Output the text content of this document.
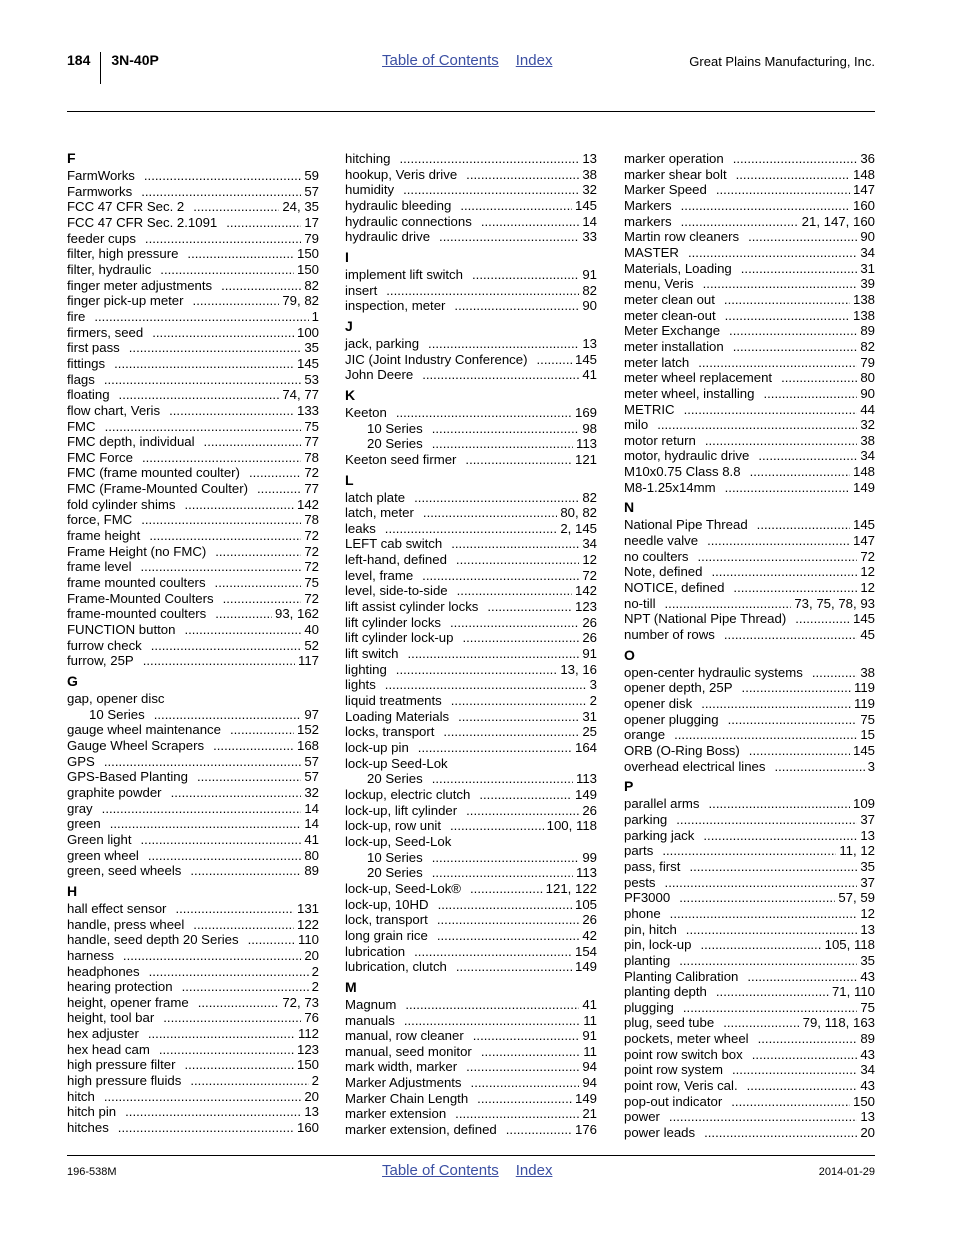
184 3N-40P	Table of Contents Index	Great Plains Manufacturing, Inc.
F
FarmWorks .....	59
Farmworks .....	57
FCC 47 CFR Sec. 2 .....	24, 35
FCC 47 CFR Sec. 2.1091 .....	17
feeder cups .....	79
filter, high pressure .....	150
filter, hydraulic .....	150
finger meter adjustments .....	82
finger pick-up meter .....	79, 82
fire .....	1
firmers, seed .....	100
first pass .....	35
fittings .....	145
flags .....	53
floating .....	74, 77
flow chart, Veris .....	133
FMC .....	75
FMC depth, individual .....	77
FMC Force .....	78
FMC (frame mounted coulter) .....	72
FMC (Frame-Mounted Coulter) .....	77
fold cylinder shims .....	142
force, FMC .....	78
frame height .....	72
Frame Height (no FMC) .....	72
frame level .....	72
frame mounted coulters .....	75
Frame-Mounted Coulters .....	72
frame-mounted coulters .....	93, 162
FUNCTION button .....	40
furrow check .....	52
furrow, 25P .....	117
G
gap, opener disc
10 Series .....	97
gauge wheel maintenance .....	152
Gauge Wheel Scrapers .....	168
GPS .....	57
GPS-Based Planting .....	57
graphite powder .....	32
gray .....	14
green .....	14
Green light .....	41
green wheel .....	80
green, seed wheels .....	89
H
hall effect sensor .....	131
handle, press wheel .....	122
handle, seed depth 20 Series .....	110
harness .....	20
headphones .....	2
hearing protection .....	2
height, opener frame .....	72, 73
height, tool bar .....	76
hex adjuster .....	112
hex head cam .....	123
high pressure filter .....	150
high pressure fluids .....	2
hitch .....	20
hitch pin .....	13
hitches .....	160
hitching .....	13
hookup, Veris drive .....	38
humidity .....	32
hydraulic bleeding .....	145
hydraulic connections .....	14
hydraulic drive .....	33
I
implement lift switch .....	91
insert .....	82
inspection, meter .....	90
J
jack, parking .....	13
JIC (Joint Industry Conference) .....	145
John Deere .....	41
K
Keeton .....	169
10 Series .....	98
20 Series .....	113
Keeton seed firmer .....	121
L
latch plate .....	82
latch, meter .....	80, 82
leaks .....	2, 145
LEFT cab switch .....	34
left-hand, defined .....	12
level, frame .....	72
level, side-to-side .....	142
lift assist cylinder locks .....	123
lift cylinder locks .....	26
lift cylinder lock-up .....	26
lift switch .....	91
lighting .....	13, 16
lights .....	3
liquid treatments .....	2
Loading Materials .....	31
locks, transport .....	25
lock-up pin .....	164
lock-up Seed-Lok
20 Series .....	113
lockup, electric clutch .....	149
lock-up, lift cylinder .....	26
lock-up, row unit .....	100, 118
lock-up, Seed-Lok
10 Series .....	99
20 Series .....	113
lock-up, Seed-Lok® .....	121, 122
lock-up, 10HD .....	105
lock, transport .....	26
long grain rice .....	42
lubrication .....	154
lubrication, clutch .....	149
M
Magnum .....	41
manuals .....	11
manual, row cleaner .....	91
manual, seed monitor .....	11
mark width, marker .....	94
Marker Adjustments .....	94
Marker Chain Length .....	149
marker extension .....	21
marker extension, defined .....	176
marker operation .....	36
marker shear bolt .....	148
Marker Speed .....	147
Markers .....	160
markers .....	21, 147, 160
Martin row cleaners .....	90
MASTER .....	34
Materials, Loading .....	31
menu, Veris .....	39
meter clean out .....	138
meter clean-out .....	138
Meter Exchange .....	89
meter installation .....	82
meter latch .....	79
meter wheel replacement .....	80
meter wheel, installing .....	90
METRIC .....	44
milo .....	32
motor return .....	38
motor, hydraulic drive .....	34
M10x0.75 Class 8.8 .....	148
M8-1.25x14mm .....	149
N
National Pipe Thread .....	145
needle valve .....	147
no coulters .....	72
Note, defined .....	12
NOTICE, defined .....	12
no-till .....	73, 75, 78, 93
NPT (National Pipe Thread) .....	145
number of rows .....	45
O
open-center hydraulic systems .....	38
opener depth, 25P .....	119
opener disk .....	119
opener plugging .....	75
orange .....	15
ORB (O-Ring Boss) .....	145
overhead electrical lines .....	3
P
parallel arms .....	109
parking .....	37
parking jack .....	13
parts .....	11, 12
pass, first .....	35
pests .....	37
PF3000 .....	57, 59
phone .....	12
pin, hitch .....	13
pin, lock-up .....	105, 118
planting .....	35
Planting Calibration .....	43
planting depth .....	71, 110
plugging .....	75
plug, seed tube .....	79, 118, 163
pockets, meter wheel .....	89
point row switch box .....	43
point row system .....	34
point row, Veris cal. .....	43
pop-out indicator .....	150
power .....	13
power leads .....	20
196-538M	Table of Contents Index	2014-01-29
